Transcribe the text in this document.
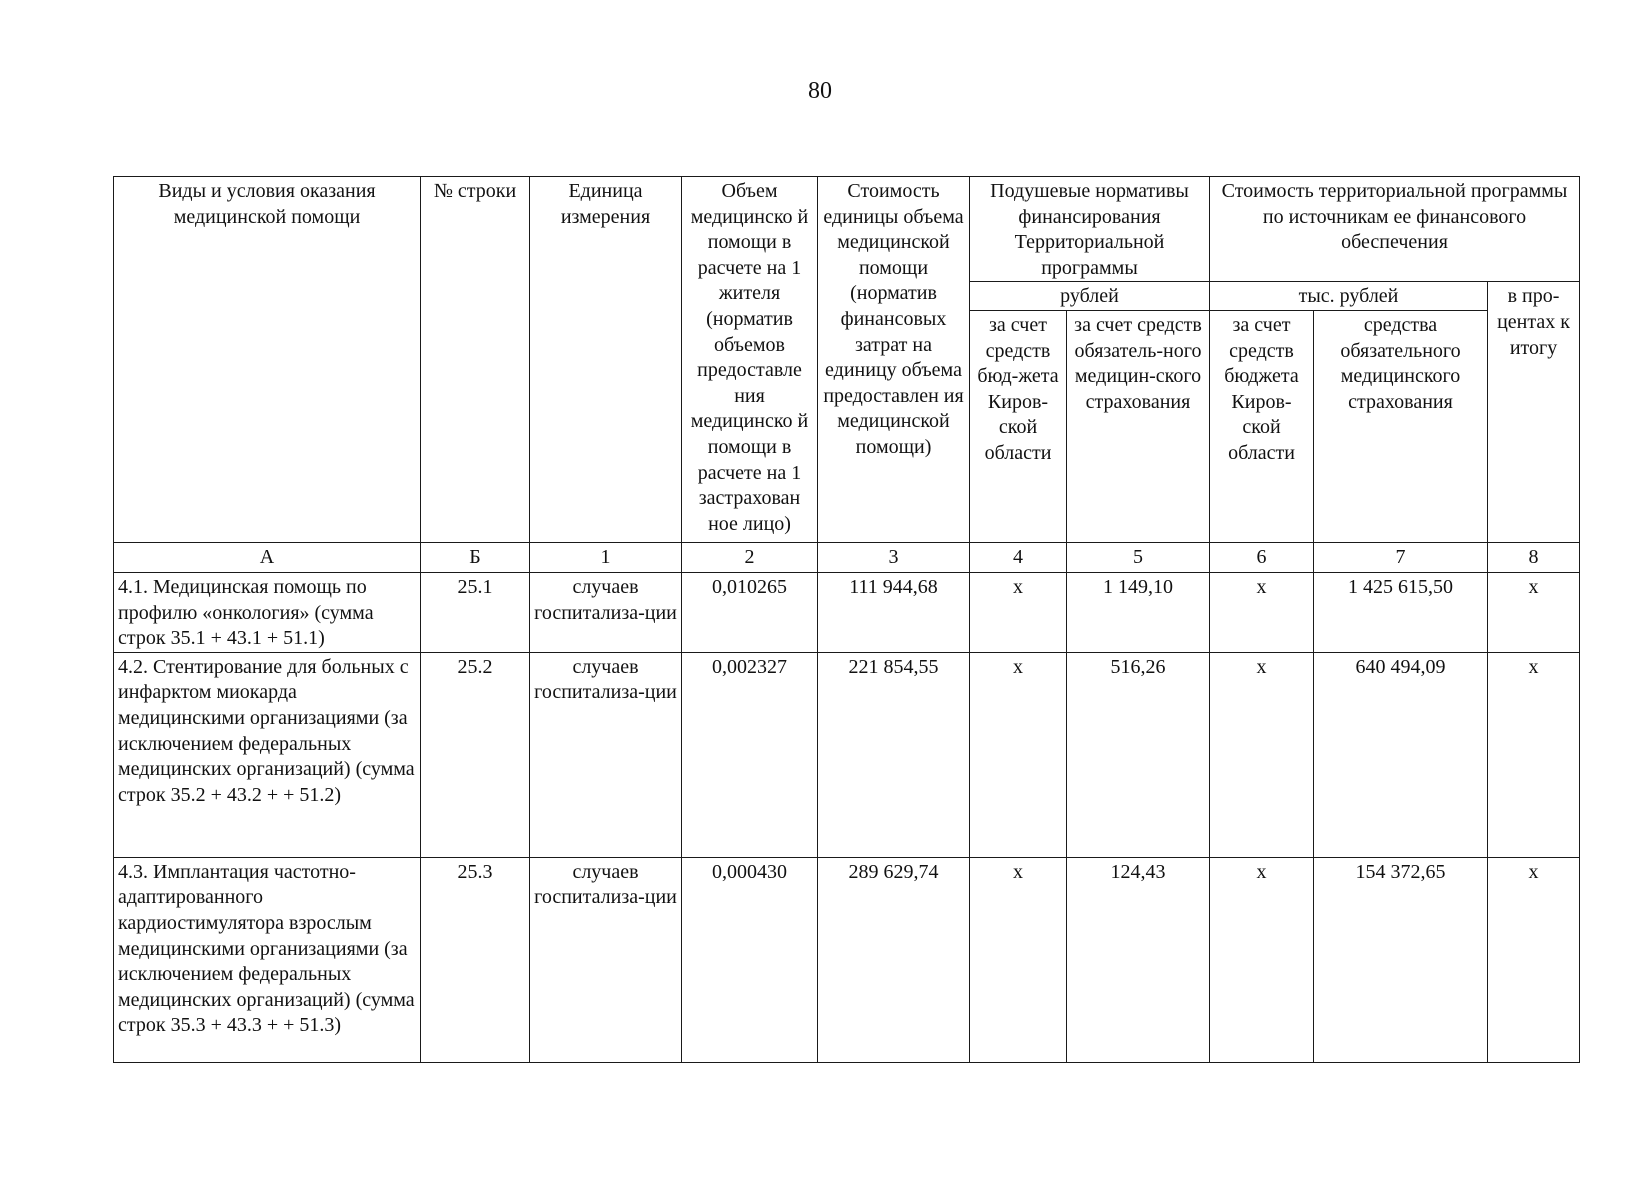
80
Виды и условия оказания медицинской помощи	№ строки	Единица измерения	Объем медицинско й помощи в расчете на 1 жителя (норматив объемов предоставле ния медицинско й помощи в расчете на 1 застрахован ное лицо)	Стоимость единицы объема медицинской помощи (норматив финансовых затрат на единицу объема предоставлен ия медицинской помощи)	Подушевые нормативы финансирования Территориальной программы		Стоимость территориальной программы по источникам ее финансового обеспечения		
					рублей		тыс. рублей		в про-центах к итогу
					за счет средств бюд-жета Киров-ской области	за счет средств обязатель-ного медицин-ского страхования	за счет средств бюджета Киров-ской области	средства обязательного медицинского страхования	
А	Б	1	2	3	4	5	6	7	8
4.1. Медицинская помощь по профилю «онкология» (сумма строк 35.1 + 43.1 + 51.1)	25.1	случаев госпитализа-ции	0,010265	111 944,68	х	1 149,10	х	1 425 615,50	х
4.2. Стентирование для больных с инфарктом миокарда медицинскими организациями (за исключением федеральных медицинских организаций) (сумма строк 35.2 + 43.2 + + 51.2)	25.2	случаев госпитализа-ции	0,002327	221 854,55	х	516,26	х	640 494,09	х
4.3. Имплантация частотно-адаптированного кардиостимулятора взрослым медицинскими организациями (за исключением федеральных медицинских организаций) (сумма строк 35.3 + 43.3 + + 51.3)	25.3	случаев госпитализа-ции	0,000430	289 629,74	х	124,43	х	154 372,65	х
